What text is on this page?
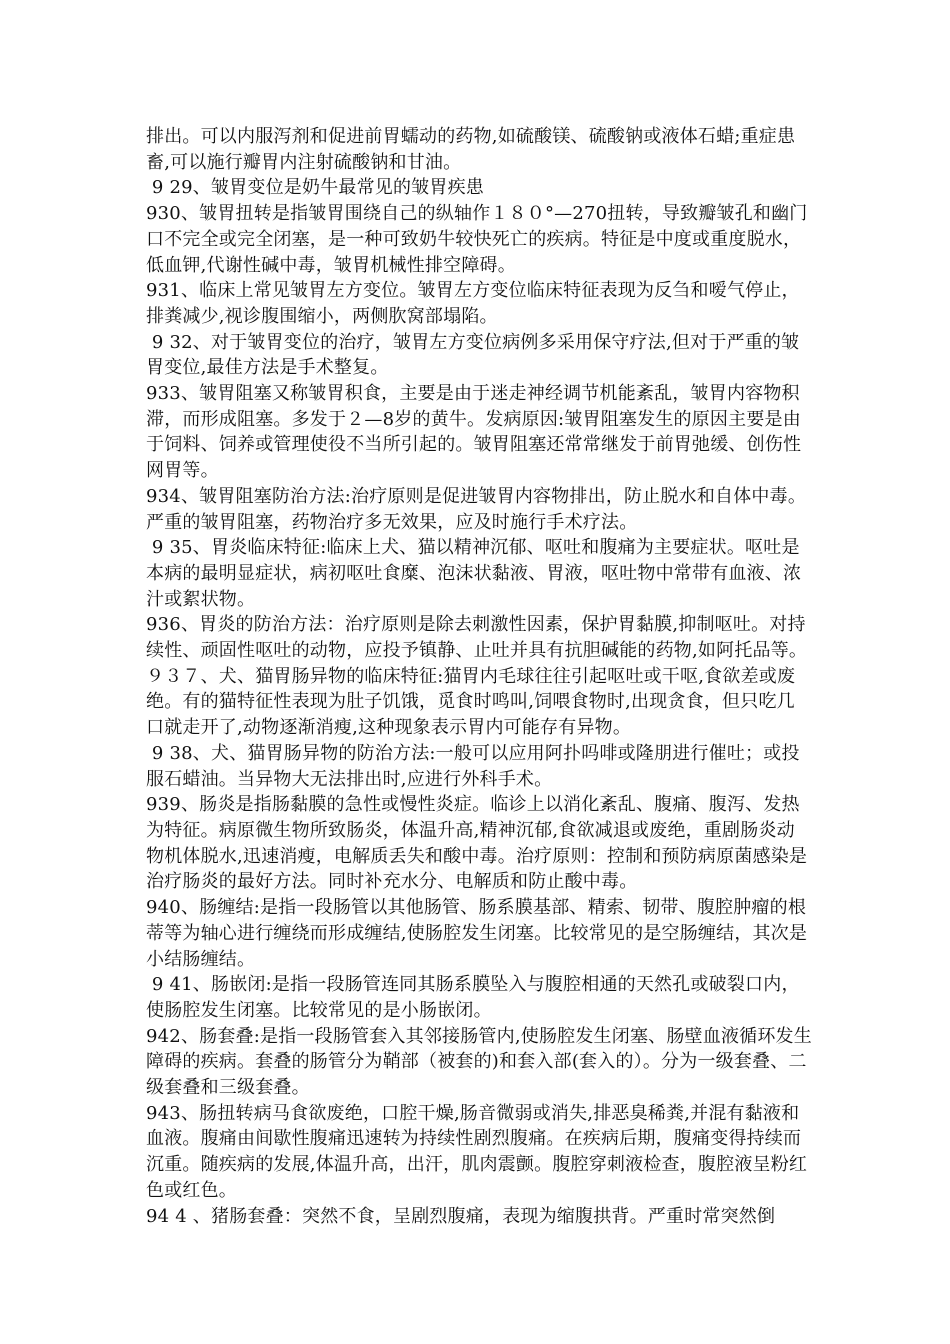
排出。可以内服泻剂和促进前胃蠕动的药物,如硫酸镁、硫酸钠或液体石蜡;重症患畜,可以施行瓣胃内注射硫酸钠和甘油。

9 29、皱胃变位是奶牛最常见的皱胃疾患

930、皱胃扭转是指皱胃围绕自己的纵轴作１８０°—270扭转，导致瓣皱孔和幽门口不完全或完全闭塞，是一种可致奶牛较快死亡的疾病。特征是中度或重度脱水，低血钾,代谢性碱中毒，皱胃机械性排空障碍。

931、临床上常见皱胃左方变位。皱胃左方变位临床特征表现为反刍和嗳气停止，排粪减少,视诊腹围缩小，两侧肷窝部塌陷。

9 32、对于皱胃变位的治疗，皱胃左方变位病例多采用保守疗法,但对于严重的皱胃变位,最佳方法是手术整复。

933、皱胃阻塞又称皱胃积食，主要是由于迷走神经调节机能紊乱，皱胃内容物积滞，而形成阻塞。多发于２—8岁的黄牛。发病原因:皱胃阻塞发生的原因主要是由于饲料、饲养或管理使役不当所引起的。皱胃阻塞还常常继发于前胃弛缓、创伤性网胃等。

934、皱胃阻塞防治方法:治疗原则是促进皱胃内容物排出，防止脱水和自体中毒。严重的皱胃阻塞，药物治疗多无效果，应及时施行手术疗法。

9 35、胃炎临床特征:临床上犬、猫以精神沉郁、呕吐和腹痛为主要症状。呕吐是本病的最明显症状，病初呕吐食糜、泡沫状黏液、胃液，呕吐物中常带有血液、浓汁或絮状物。

936、胃炎的防治方法：治疗原则是除去刺激性因素，保护胃黏膜,抑制呕吐。对持续性、顽固性呕吐的动物，应投予镇静、止吐并具有抗胆碱能的药物,如阿托品等。

９３７、犬、猫胃肠异物的临床特征:猫胃内毛球往往引起呕吐或干呕,食欲差或废绝。有的猫特征性表现为肚子饥饿，觅食时鸣叫,饲喂食物时,出现贪食，但只吃几口就走开了,动物逐渐消瘦,这种现象表示胃内可能存有异物。

9 38、犬、猫胃肠异物的防治方法:一般可以应用阿扑吗啡或隆朋进行催吐；或投服石蜡油。当异物大无法排出时,应进行外科手术。

939、肠炎是指肠黏膜的急性或慢性炎症。临诊上以消化紊乱、腹痛、腹泻、发热为特征。病原微生物所致肠炎，体温升高,精神沉郁,食欲减退或废绝，重剧肠炎动物机体脱水,迅速消瘦，电解质丢失和酸中毒。治疗原则：控制和预防病原菌感染是治疗肠炎的最好方法。同时补充水分、电解质和防止酸中毒。

940、肠缠结:是指一段肠管以其他肠管、肠系膜基部、精索、韧带、腹腔肿瘤的根蒂等为轴心进行缠绕而形成缠结,使肠腔发生闭塞。比较常见的是空肠缠结，其次是小结肠缠结。

9 41、肠嵌闭:是指一段肠管连同其肠系膜坠入与腹腔相通的天然孔或破裂口内，使肠腔发生闭塞。比较常见的是小肠嵌闭。

942、肠套叠:是指一段肠管套入其邻接肠管内,使肠腔发生闭塞、肠壁血液循环发生障碍的疾病。套叠的肠管分为鞘部（被套的)和套入部(套入的）。分为一级套叠、二级套叠和三级套叠。

943、肠扭转病马食欲废绝，口腔干燥,肠音微弱或消失,排恶臭稀粪,并混有黏液和血液。腹痛由间歇性腹痛迅速转为持续性剧烈腹痛。在疾病后期，腹痛变得持续而沉重。随疾病的发展,体温升高，出汗，肌肉震颤。腹腔穿刺液检查，腹腔液呈粉红色或红色。

94 4 、猪肠套叠：突然不食，呈剧烈腹痛，表现为缩腹拱背。严重时常突然倒
